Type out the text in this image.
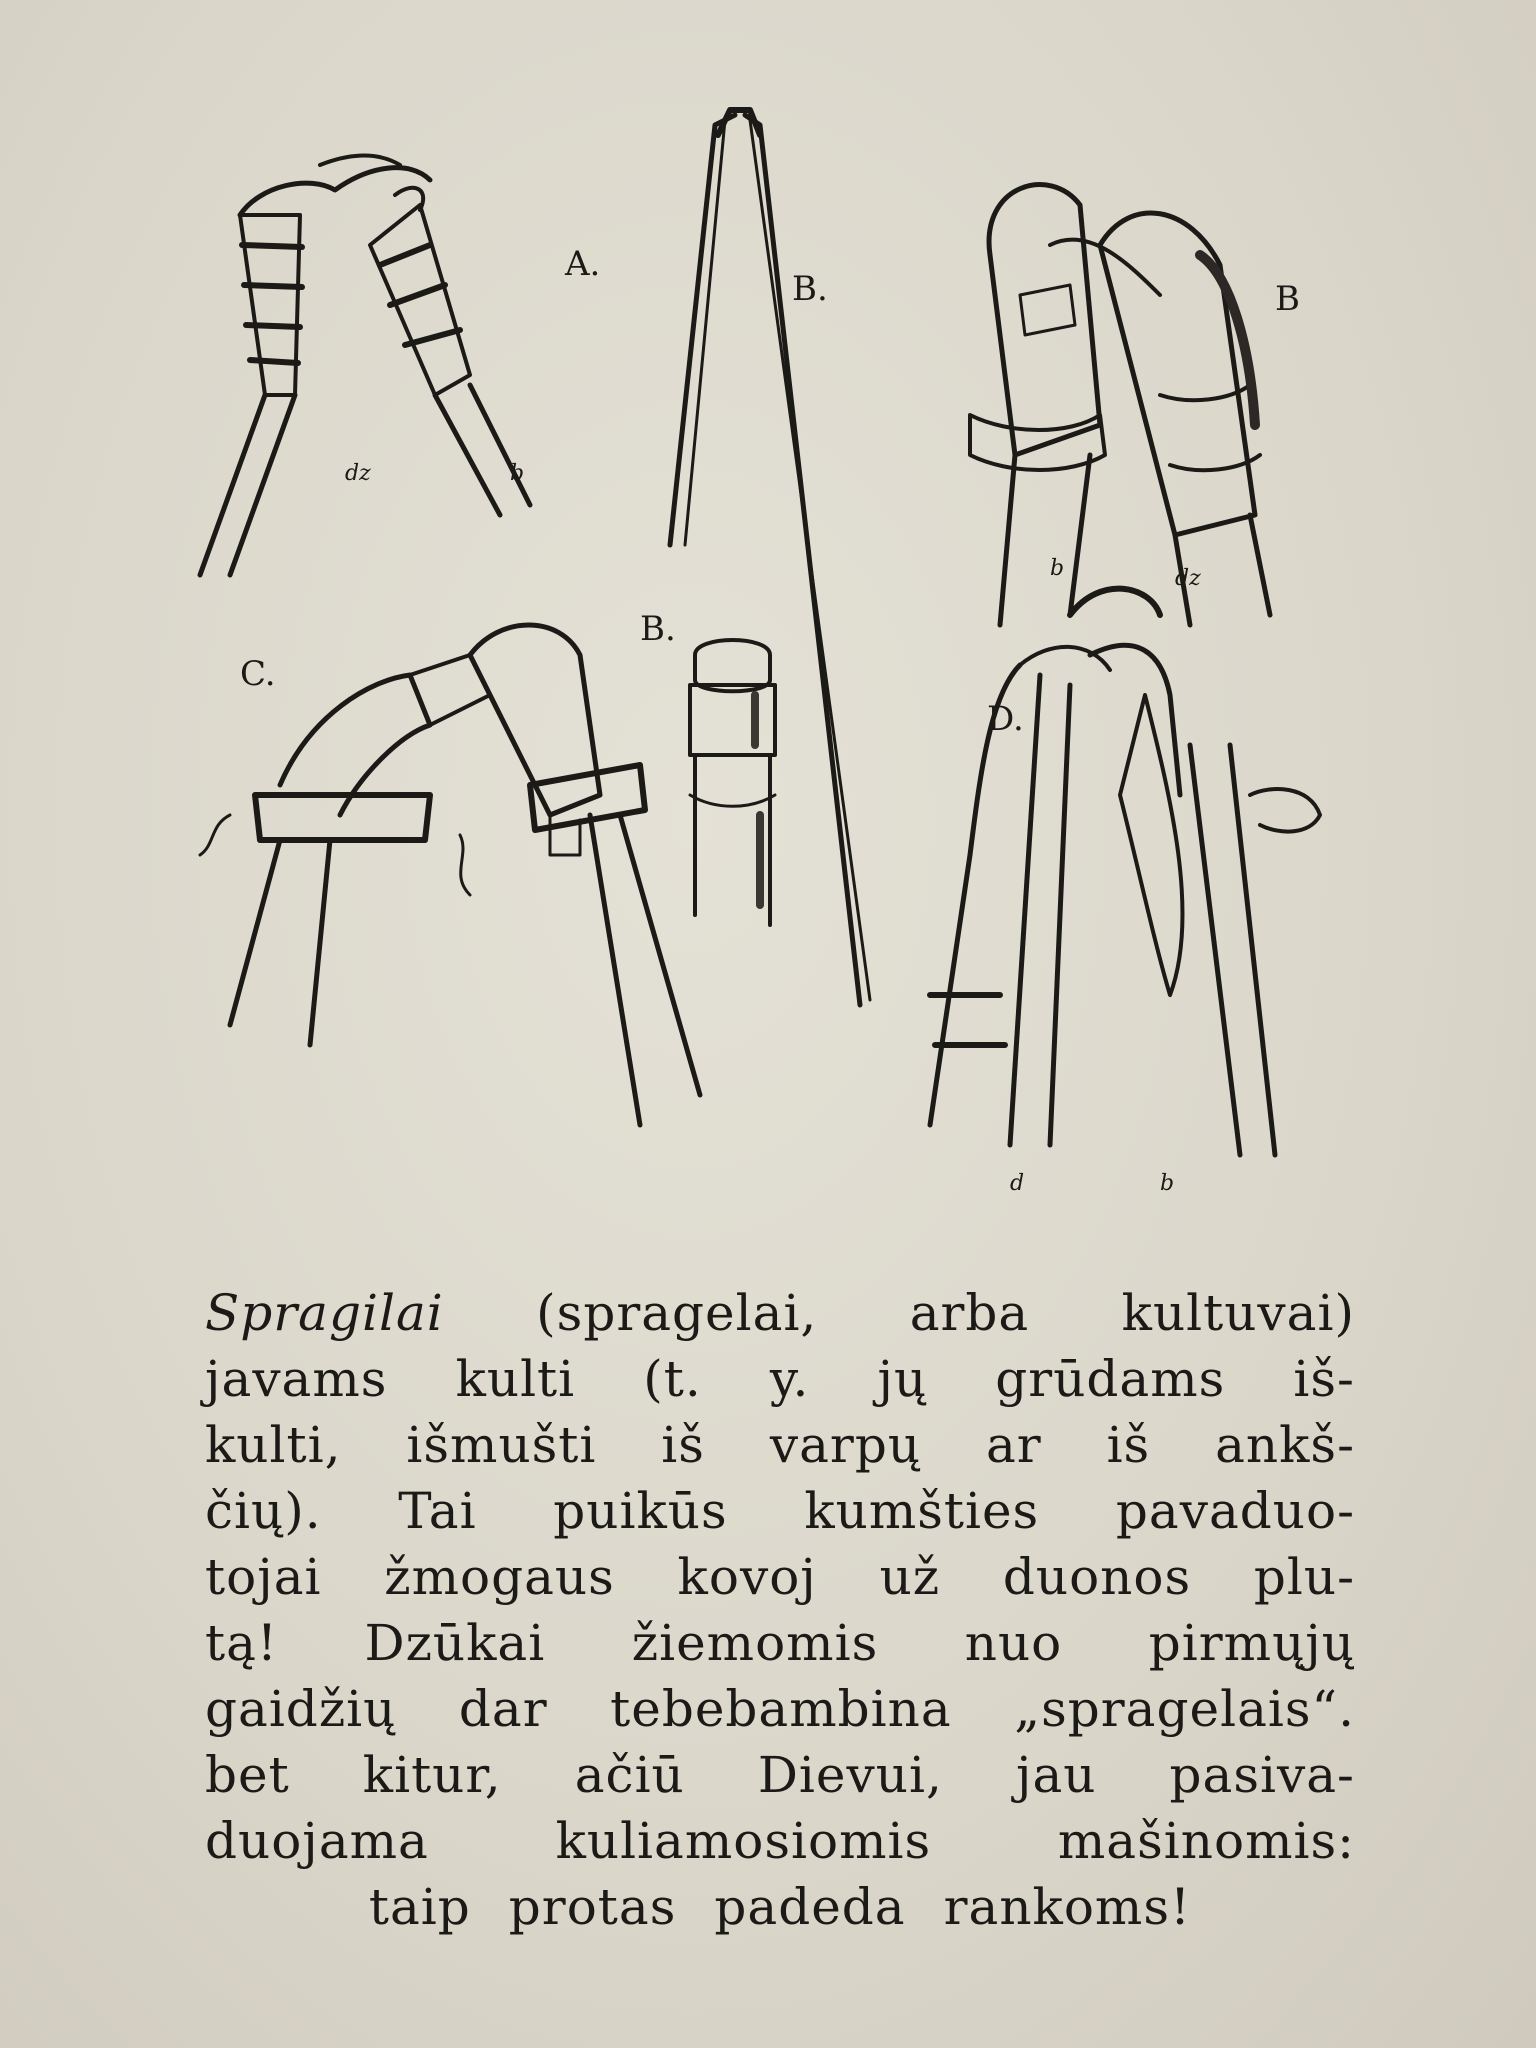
A.
B.
B.
B
C.
D.
dz	b
b	dz
d	b
Spragilai (spragelai, arba kultuvai)
javams kulti (t. y. jų grūdams iš-
kulti, išmušti iš varpų ar iš ankš-
čių). Tai puikūs kumšties pavaduo-
tojai žmogaus kovoj už duonos plu-
tą! Dzūkai žiemomis nuo pirmųjų
gaidžių dar tebebambina „spragelais“.
bet kitur, ačiū Dievui, jau pasiva-
duojama	kuliamosiomis	mašinomis:
taip protas padeda rankoms!
